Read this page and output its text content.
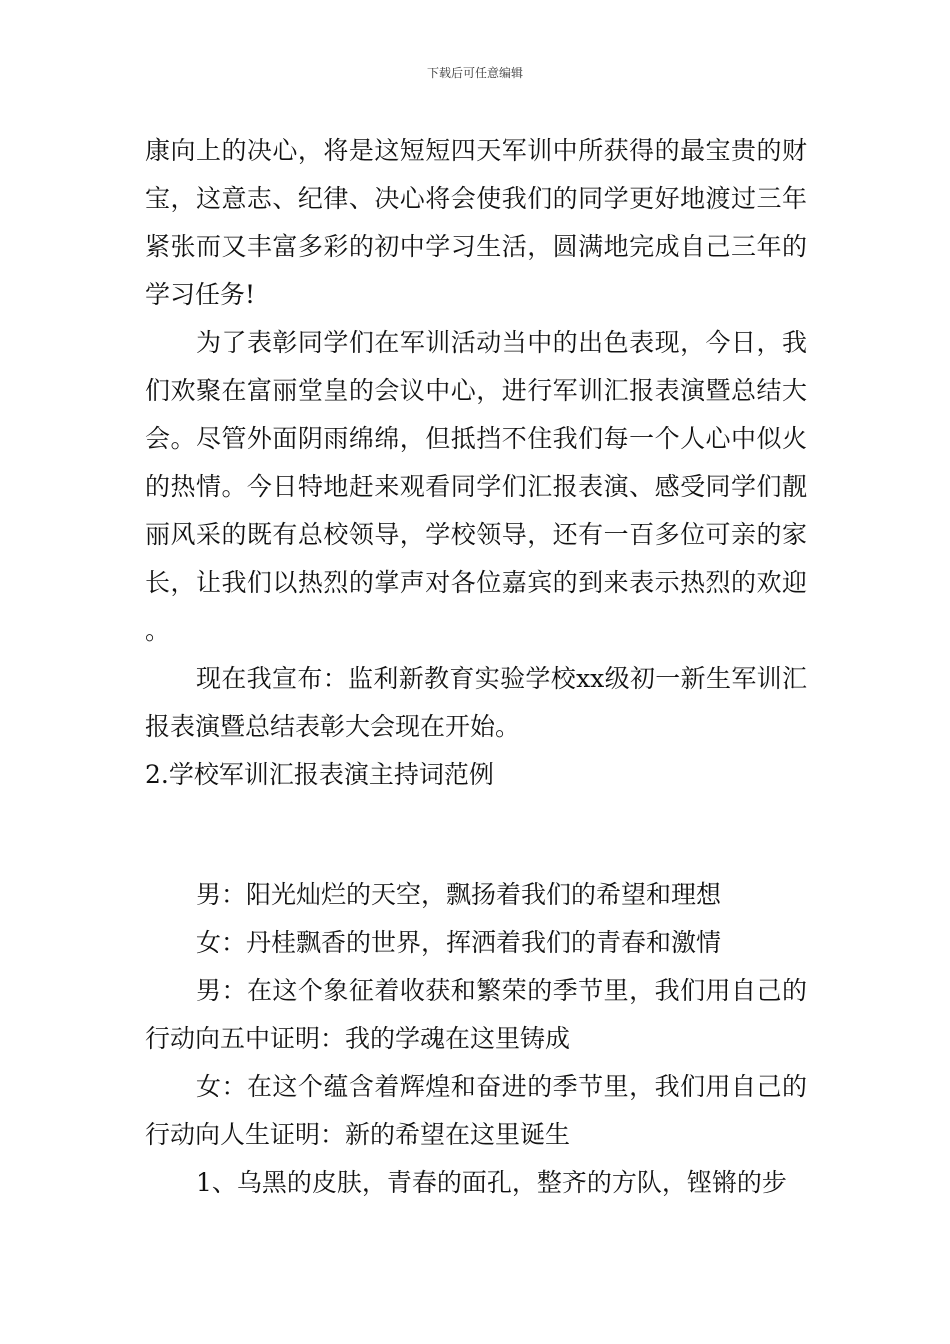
下载后可任意编辑

康向上的决心，将是这短短四天军训中所获得的最宝贵的财宝，这意志、纪律、决心将会使我们的同学更好地渡过三年紧张而又丰富多彩的初中学习生活，圆满地完成自己三年的学习任务!

为了表彰同学们在军训活动当中的出色表现，今日，我们欢聚在富丽堂皇的会议中心，进行军训汇报表演暨总结大会。尽管外面阴雨绵绵，但抵挡不住我们每一个人心中似火的热情。今日特地赶来观看同学们汇报表演、感受同学们靓丽风采的既有总校领导，学校领导，还有一百多位可亲的家长，让我们以热烈的掌声对各位嘉宾的到来表示热烈的欢迎。

现在我宣布：监利新教育实验学校xx级初一新生军训汇报表演暨总结表彰大会现在开始。

2.学校军训汇报表演主持词范例

男：阳光灿烂的天空，飘扬着我们的希望和理想

女：丹桂飘香的世界，挥洒着我们的青春和激情

男：在这个象征着收获和繁荣的季节里，我们用自己的行动向五中证明：我的学魂在这里铸成

女：在这个蕴含着辉煌和奋进的季节里，我们用自己的行动向人生证明：新的希望在这里诞生

1、乌黑的皮肤，青春的面孔，整齐的方队，铿锵的步
